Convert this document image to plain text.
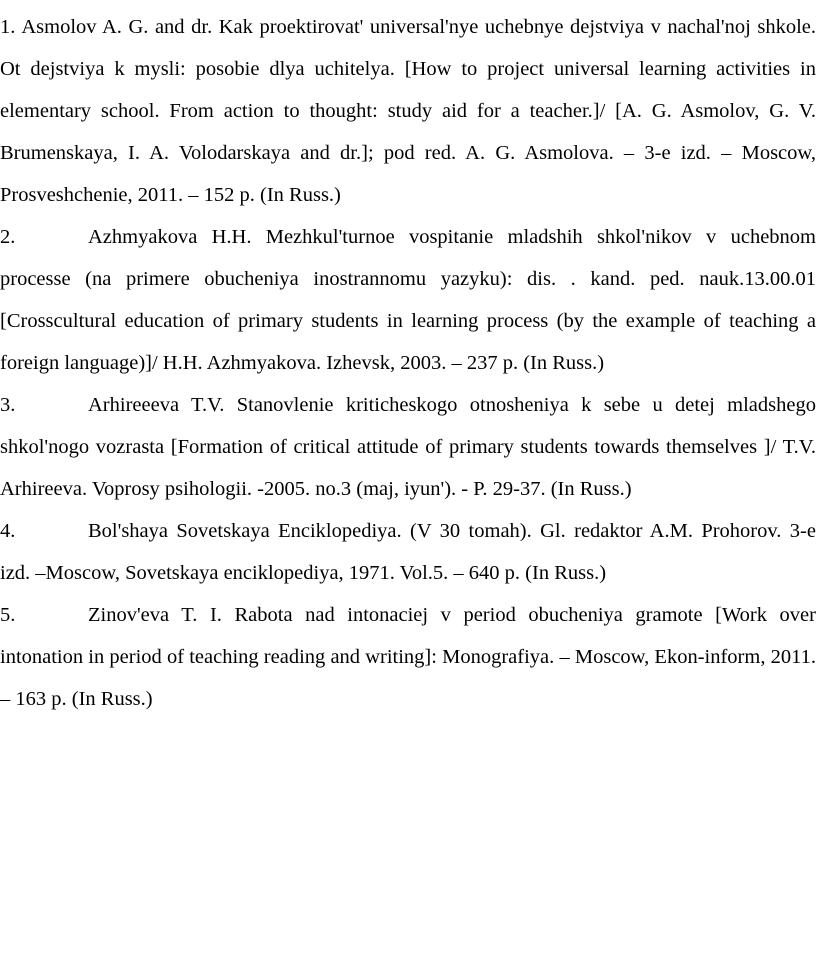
1. Asmolov A. G. and dr. Kak proektirovat' universal'nye uchebnye dejstviya v nachal'noj shkole. Ot dejstviya k mysli: posobie dlya uchitelya. [How to project universal learning activities in elementary school. From action to thought: study aid for a teacher.]/ [A. G. Asmolov, G. V. Brumenskaya, I. A. Volodarskaya and dr.]; pod red. A. G. Asmolova. – 3-e izd. – Moscow, Prosveshchenie, 2011. – 152 p. (In Russ.)
2.	Azhmyakova H.H. Mezhkul'turnoe vospitanie mladshih shkol'nikov v uchebnom processe (na primere obucheniya inostrannomu yazyku): dis. . kand. ped. nauk.13.00.01 [Crosscultural education of primary students in learning process (by the example of teaching a foreign language)]/ H.H. Azhmyakova. Izhevsk, 2003. – 237 p. (In Russ.)
3.	Arhireeeva T.V. Stanovlenie kriticheskogo otnosheniya k sebe u detej mladshego shkol'nogo vozrasta [Formation of critical attitude of primary students towards themselves ]/ T.V. Arhireeva. Voprosy psihologii. -2005. no.3 (maj, iyun'). - P. 29-37. (In Russ.)
4.	Bol'shaya Sovetskaya Enciklopediya. (V 30 tomah). Gl. redaktor A.M. Prohorov. 3-e izd. –Moscow, Sovetskaya enciklopediya, 1971. Vol.5. – 640 p. (In Russ.)
5.	Zinov'eva T. I. Rabota nad intonaciej v period obucheniya gramote [Work over intonation in period of teaching reading and writing]: Monografiya. – Moscow, Ekon-inform, 2011. – 163 p. (In Russ.)
